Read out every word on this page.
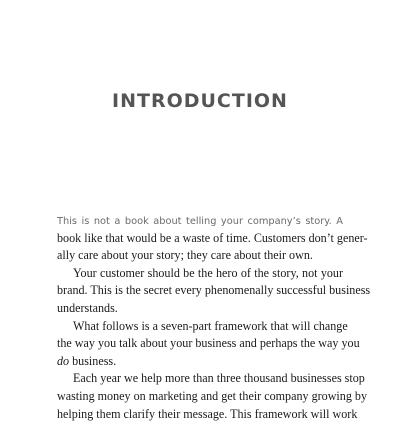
INTRODUCTION
This is not a book about telling your company’s story. A
book like that would be a waste of time. Customers don’t gener-
ally care about your story; they care about their own.
Your customer should be the hero of the story, not your
brand. This is the secret every phenomenally successful business
understands.
What follows is a seven-part framework that will change
the way you talk about your business and perhaps the way you
do business.
Each year we help more than three thousand businesses stop
wasting money on marketing and get their company growing by
helping them clarify their message. This framework will work
